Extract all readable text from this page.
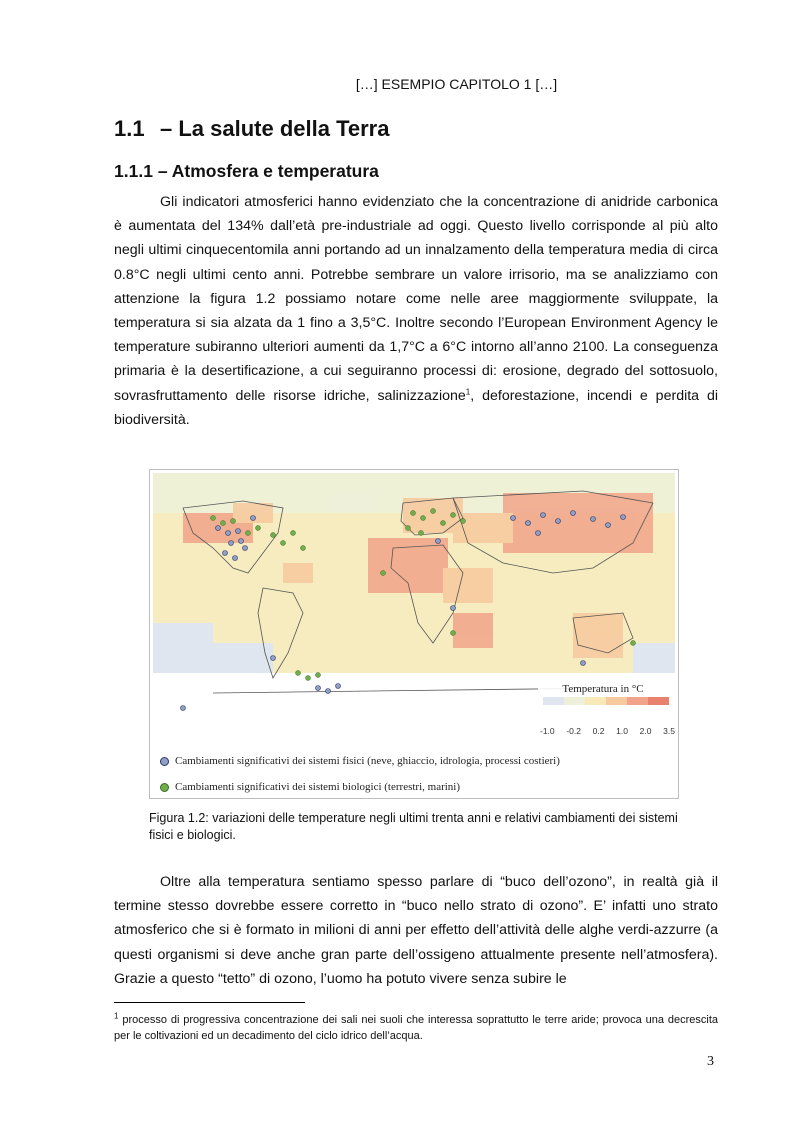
[…] ESEMPIO CAPITOLO 1 […]
1.1 – La salute della Terra
1.1.1 – Atmosfera e temperatura
Gli indicatori atmosferici hanno evidenziato che la concentrazione di anidride carbonica è aumentata del 134% dall’età pre-industriale ad oggi. Questo livello corrisponde al più alto negli ultimi cinquecentomila anni portando ad un innalzamento della temperatura media di circa 0.8°C negli ultimi cento anni. Potrebbe sembrare un valore irrisorio, ma se analizziamo con attenzione la figura 1.2 possiamo notare come nelle aree maggiormente sviluppate, la temperatura si sia alzata da 1 fino a 3,5°C. Inoltre secondo l’European Environment Agency le temperature subiranno ulteriori aumenti da 1,7°C a 6°C intorno all’anno 2100. La conseguenza primaria è la desertificazione, a cui seguiranno processi di: erosione, degrado del sottosuolo, sovrasfruttamento delle risorse idriche, salinizzazione$^1$, deforestazione, incendi e perdita di biodiversità.
Temperatura in °C
-1.0 -0.2 0.2 1.0 2.0 3.5
Cambiamenti significativi dei sistemi fisici (neve, ghiaccio, idrologia, processi costieri)
Cambiamenti significativi dei sistemi biologici (terrestri, marini)
Figura 1.2: variazioni delle temperature negli ultimi trenta anni e relativi cambiamenti dei sistemi fisici e biologici.
Oltre alla temperatura sentiamo spesso parlare di “buco dell’ozono”, in realtà già il termine stesso dovrebbe essere corretto in “buco nello strato di ozono”. E’ infatti uno strato atmosferico che si è formato in milioni di anni per effetto dell’attività delle alghe verdi-azzurre (a questi organismi si deve anche gran parte dell’ossigeno attualmente presente nell’atmosfera). Grazie a questo “tetto” di ozono, l’uomo ha potuto vivere senza subire le
$^1$ processo di progressiva concentrazione dei sali nei suoli che interessa soprattutto le terre aride; provoca una decrescita per le coltivazioni ed un decadimento del ciclo idrico dell’acqua.
3
